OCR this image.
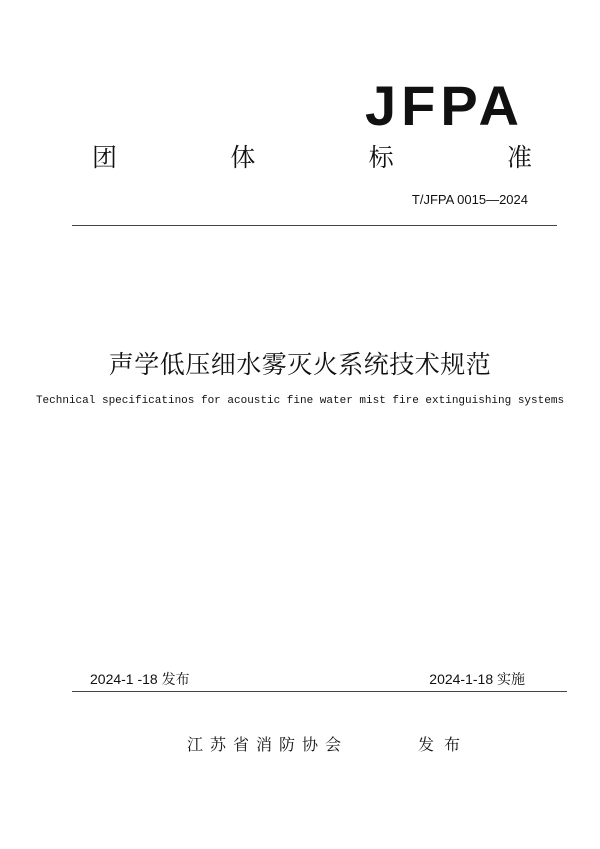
JFPA
团	体	标	准
T/JFPA 0015—2024
声学低压细水雾灭火系统技术规范
Technical specificatinos for acoustic fine water mist fire extinguishing systems
2024-1 -18 发布	2024-1-18 实施
江苏省消防协会	发布
